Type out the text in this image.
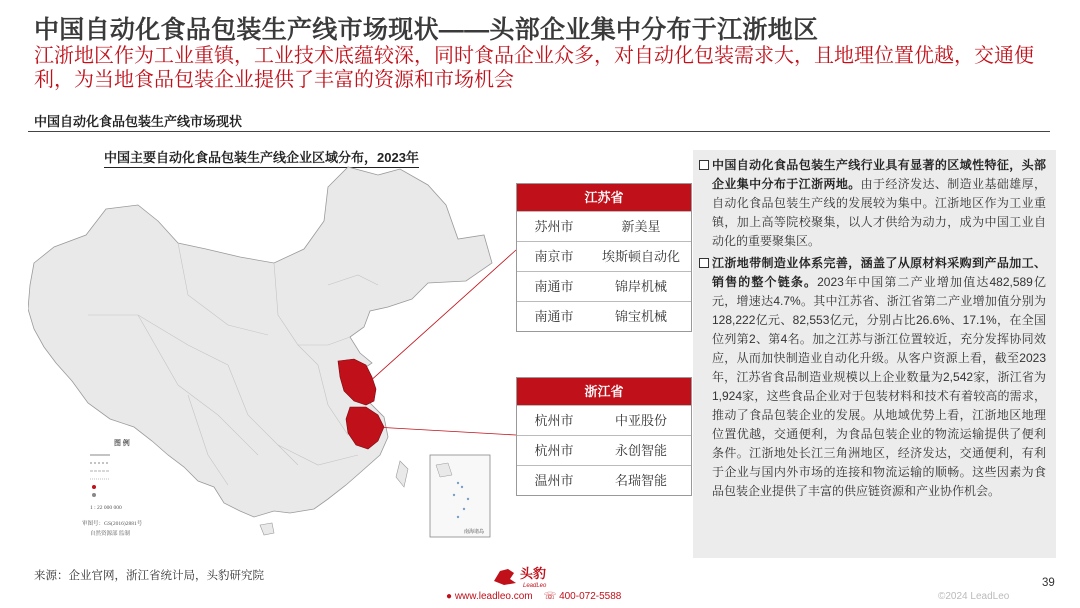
中国自动化食品包装生产线市场现状——头部企业集中分布于江浙地区
江浙地区作为工业重镇，工业技术底蕴较深，同时食品企业众多，对自动化包装需求大，且地理位置优越，交通便利，为当地食品包装企业提供了丰富的资源和市场机会
中国自动化食品包装生产线市场现状
中国主要自动化食品包装生产线企业区域分布，2023年
图 例
1 : 22 000 000
审图号：GS(2016)2881号
自然资源部 监制	南海诸岛
江苏省
苏州市	新美星
南京市	埃斯顿自动化
南通市	锦岸机械
南通市	锦宝机械
浙江省
杭州市	中亚股份
杭州市	永创智能
温州市	名瑞智能
中国自动化食品包装生产线行业具有显著的区域性特征，头部企业集中分布于江浙两地。由于经济发达、制造业基础雄厚，自动化食品包装生产线的发展较为集中。江浙地区作为工业重镇，加上高等院校聚集，以人才供给为动力，成为中国工业自动化的重要聚集区。
江浙地带制造业体系完善，涵盖了从原材料采购到产品加工、销售的整个链条。2023年中国第二产业增加值达482,589亿元，增速达4.7%。其中江苏省、浙江省第二产业增加值分别为128,222亿元、82,553亿元，分别占比26.6%、17.1%，在全国位列第2、第4名。加之江苏与浙江位置较近，充分发挥协同效应，从而加快制造业自动化升级。从客户资源上看，截至2023年，江苏省食品制造业规模以上企业数量为2,542家，浙江省为1,924家，这些食品企业对于包装材料和技术有着较高的需求，推动了食品包装企业的发展。从地域优势上看，江浙地区地理位置优越，交通便利，为食品包装企业的物流运输提供了便利条件。江浙地处长江三角洲地区，经济发达，交通便利，有利于企业与国内外市场的连接和物流运输的顺畅。这些因素为食品包装企业提供了丰富的供应链资源和产业协作机会。
来源：企业官网，浙江省统计局，头豹研究院	头豹
LeadLeo
● www.leadleo.com ☏ 400-072-5588
39
©2024 LeadLeo
